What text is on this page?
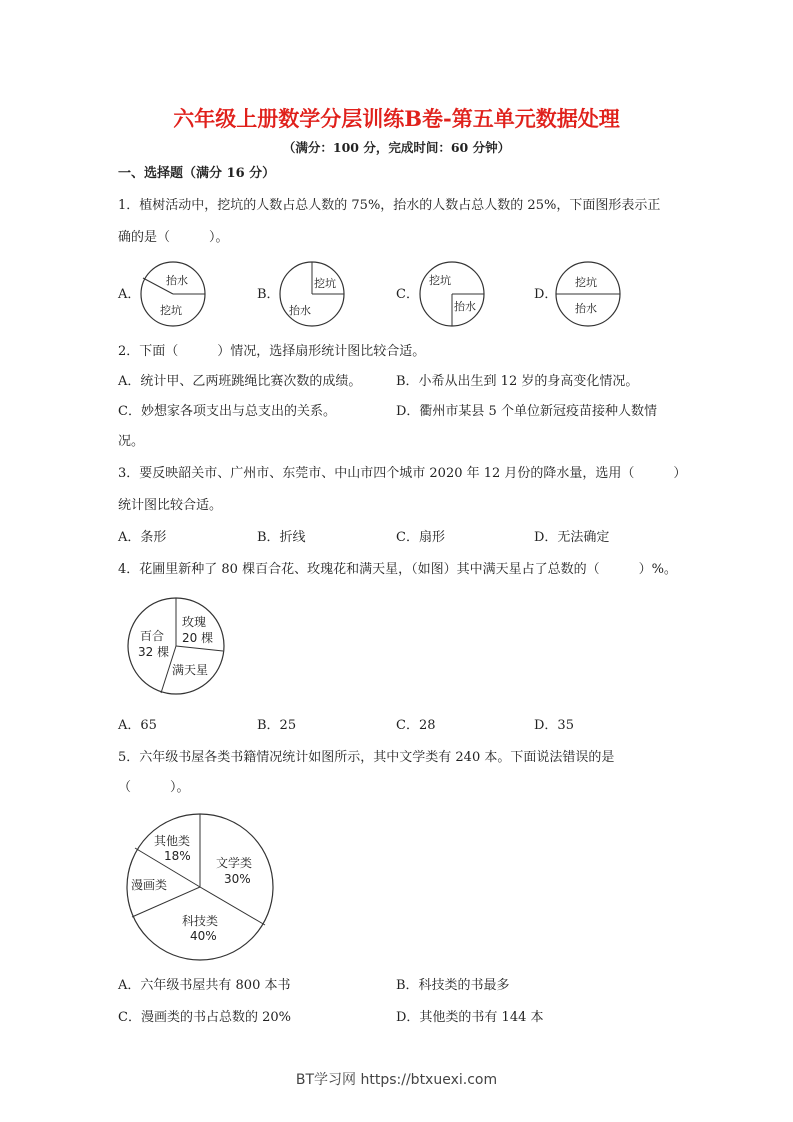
六年级上册数学分层训练B卷-第五单元数据处理
（满分：100 分，完成时间：60 分钟）
一、选择题（满分 16 分）
1．植树活动中，挖坑的人数占总人数的 75%，抬水的人数占总人数的 25%，下面图形表示正
确的是（　　　）。
A．
抬水
挖坑
B．
挖坑
抬水
C．
挖坑
抬水
D．
挖坑
抬水
2．下面（　　　）情况，选择扇形统计图比较合适。
A．统计甲、乙两班跳绳比赛次数的成绩。	B．小希从出生到 12 岁的身高变化情况。
C．妙想家各项支出与总支出的关系。	D．衢州市某县 5 个单位新冠疫苗接种人数情
况。
3．要反映韶关市、广州市、东莞市、中山市四个城市 2020 年 12 月份的降水量，选用（　　　）
统计图比较合适。
A．条形	B．折线	C．扇形	D．无法确定
4．花圃里新种了 80 棵百合花、玫瑰花和满天星，（如图）其中满天星占了总数的（　　　）%。
玫瑰
20 棵
百合
32 棵
满天星
A．65	B．25	C．28	D．35
5．六年级书屋各类书籍情况统计如图所示，其中文学类有 240 本。下面说法错误的是
（　　　）。
其他类
18% 文学类
30%
漫画类
科技类
40%
A．六年级书屋共有 800 本书	B．科技类的书最多
C．漫画类的书占总数的 20%	D．其他类的书有 144 本
BT学习网 https://btxuexi.com
